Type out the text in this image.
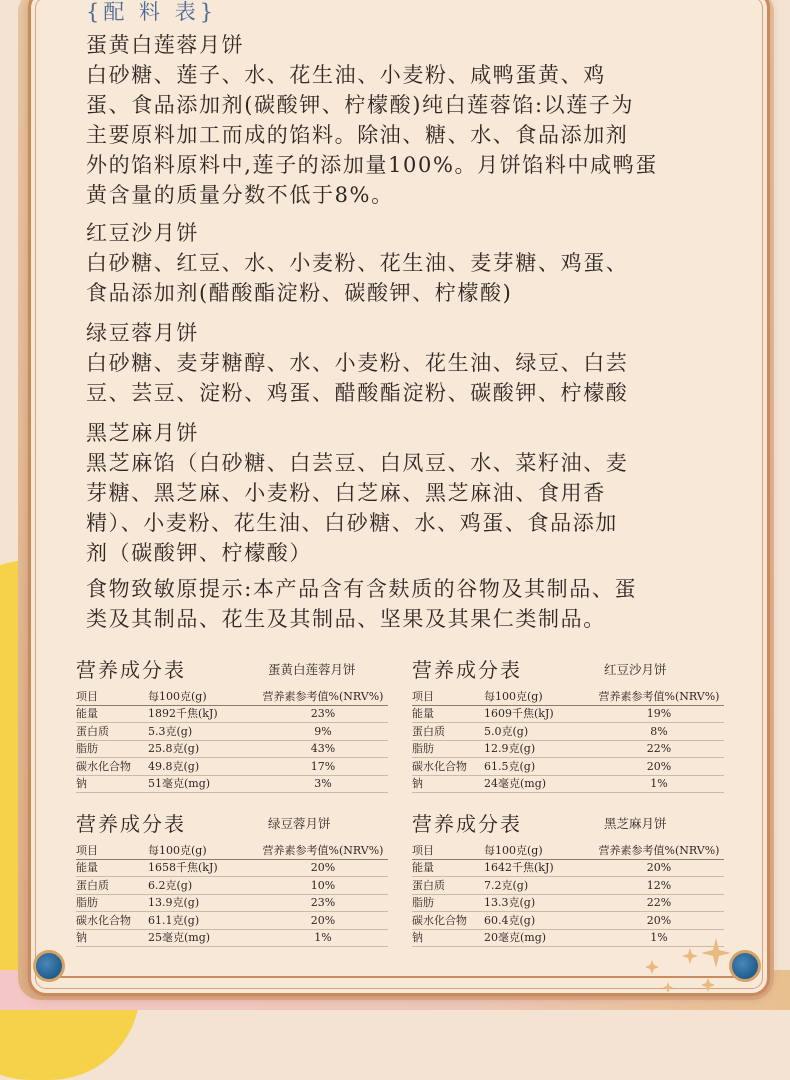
{配 料 表}
蛋黄白莲蓉月饼
白砂糖、莲子、水、花生油、小麦粉、咸鸭蛋黄、鸡
蛋、食品添加剂(碳酸钾、柠檬酸)纯白莲蓉馅:以莲子为
主要原料加工而成的馅料。除油、糖、水、食品添加剂
外的馅料原料中,莲子的添加量100%。月饼馅料中咸鸭蛋
黄含量的质量分数不低于8%。
红豆沙月饼
白砂糖、红豆、水、小麦粉、花生油、麦芽糖、鸡蛋、
食品添加剂(醋酸酯淀粉、碳酸钾、柠檬酸)
绿豆蓉月饼
白砂糖、麦芽糖醇、水、小麦粉、花生油、绿豆、白芸
豆、芸豆、淀粉、鸡蛋、醋酸酯淀粉、碳酸钾、柠檬酸
黑芝麻月饼
黑芝麻馅（白砂糖、白芸豆、白凤豆、水、菜籽油、麦
芽糖、黑芝麻、小麦粉、白芝麻、黑芝麻油、食用香
精）、小麦粉、花生油、白砂糖、水、鸡蛋、食品添加
剂（碳酸钾、柠檬酸）
食物致敏原提示:本产品含有含麸质的谷物及其制品、蛋
类及其制品、花生及其制品、坚果及其果仁类制品。
营养成分表	蛋黄白莲蓉月饼
项目	每100克(g)	营养素参考值%(NRV%)
能量	1892千焦(kJ)	23%
蛋白质	5.3克(g)	9%
脂肪	25.8克(g)	43%
碳水化合物	49.8克(g)	17%
钠	51毫克(mg)	3%
营养成分表	红豆沙月饼
项目	每100克(g)	营养素参考值%(NRV%)
能量	1609千焦(kJ)	19%
蛋白质	5.0克(g)	8%
脂肪	12.9克(g)	22%
碳水化合物	61.5克(g)	20%
钠	24毫克(mg)	1%
营养成分表	绿豆蓉月饼
项目	每100克(g)	营养素参考值%(NRV%)
能量	1658千焦(kJ)	20%
蛋白质	6.2克(g)	10%
脂肪	13.9克(g)	23%
碳水化合物	61.1克(g)	20%
钠	25毫克(mg)	1%
营养成分表	黑芝麻月饼
项目	每100克(g)	营养素参考值%(NRV%)
能量	1642千焦(kJ)	20%
蛋白质	7.2克(g)	12%
脂肪	13.3克(g)	22%
碳水化合物	60.4克(g)	20%
钠	20毫克(mg)	1%
